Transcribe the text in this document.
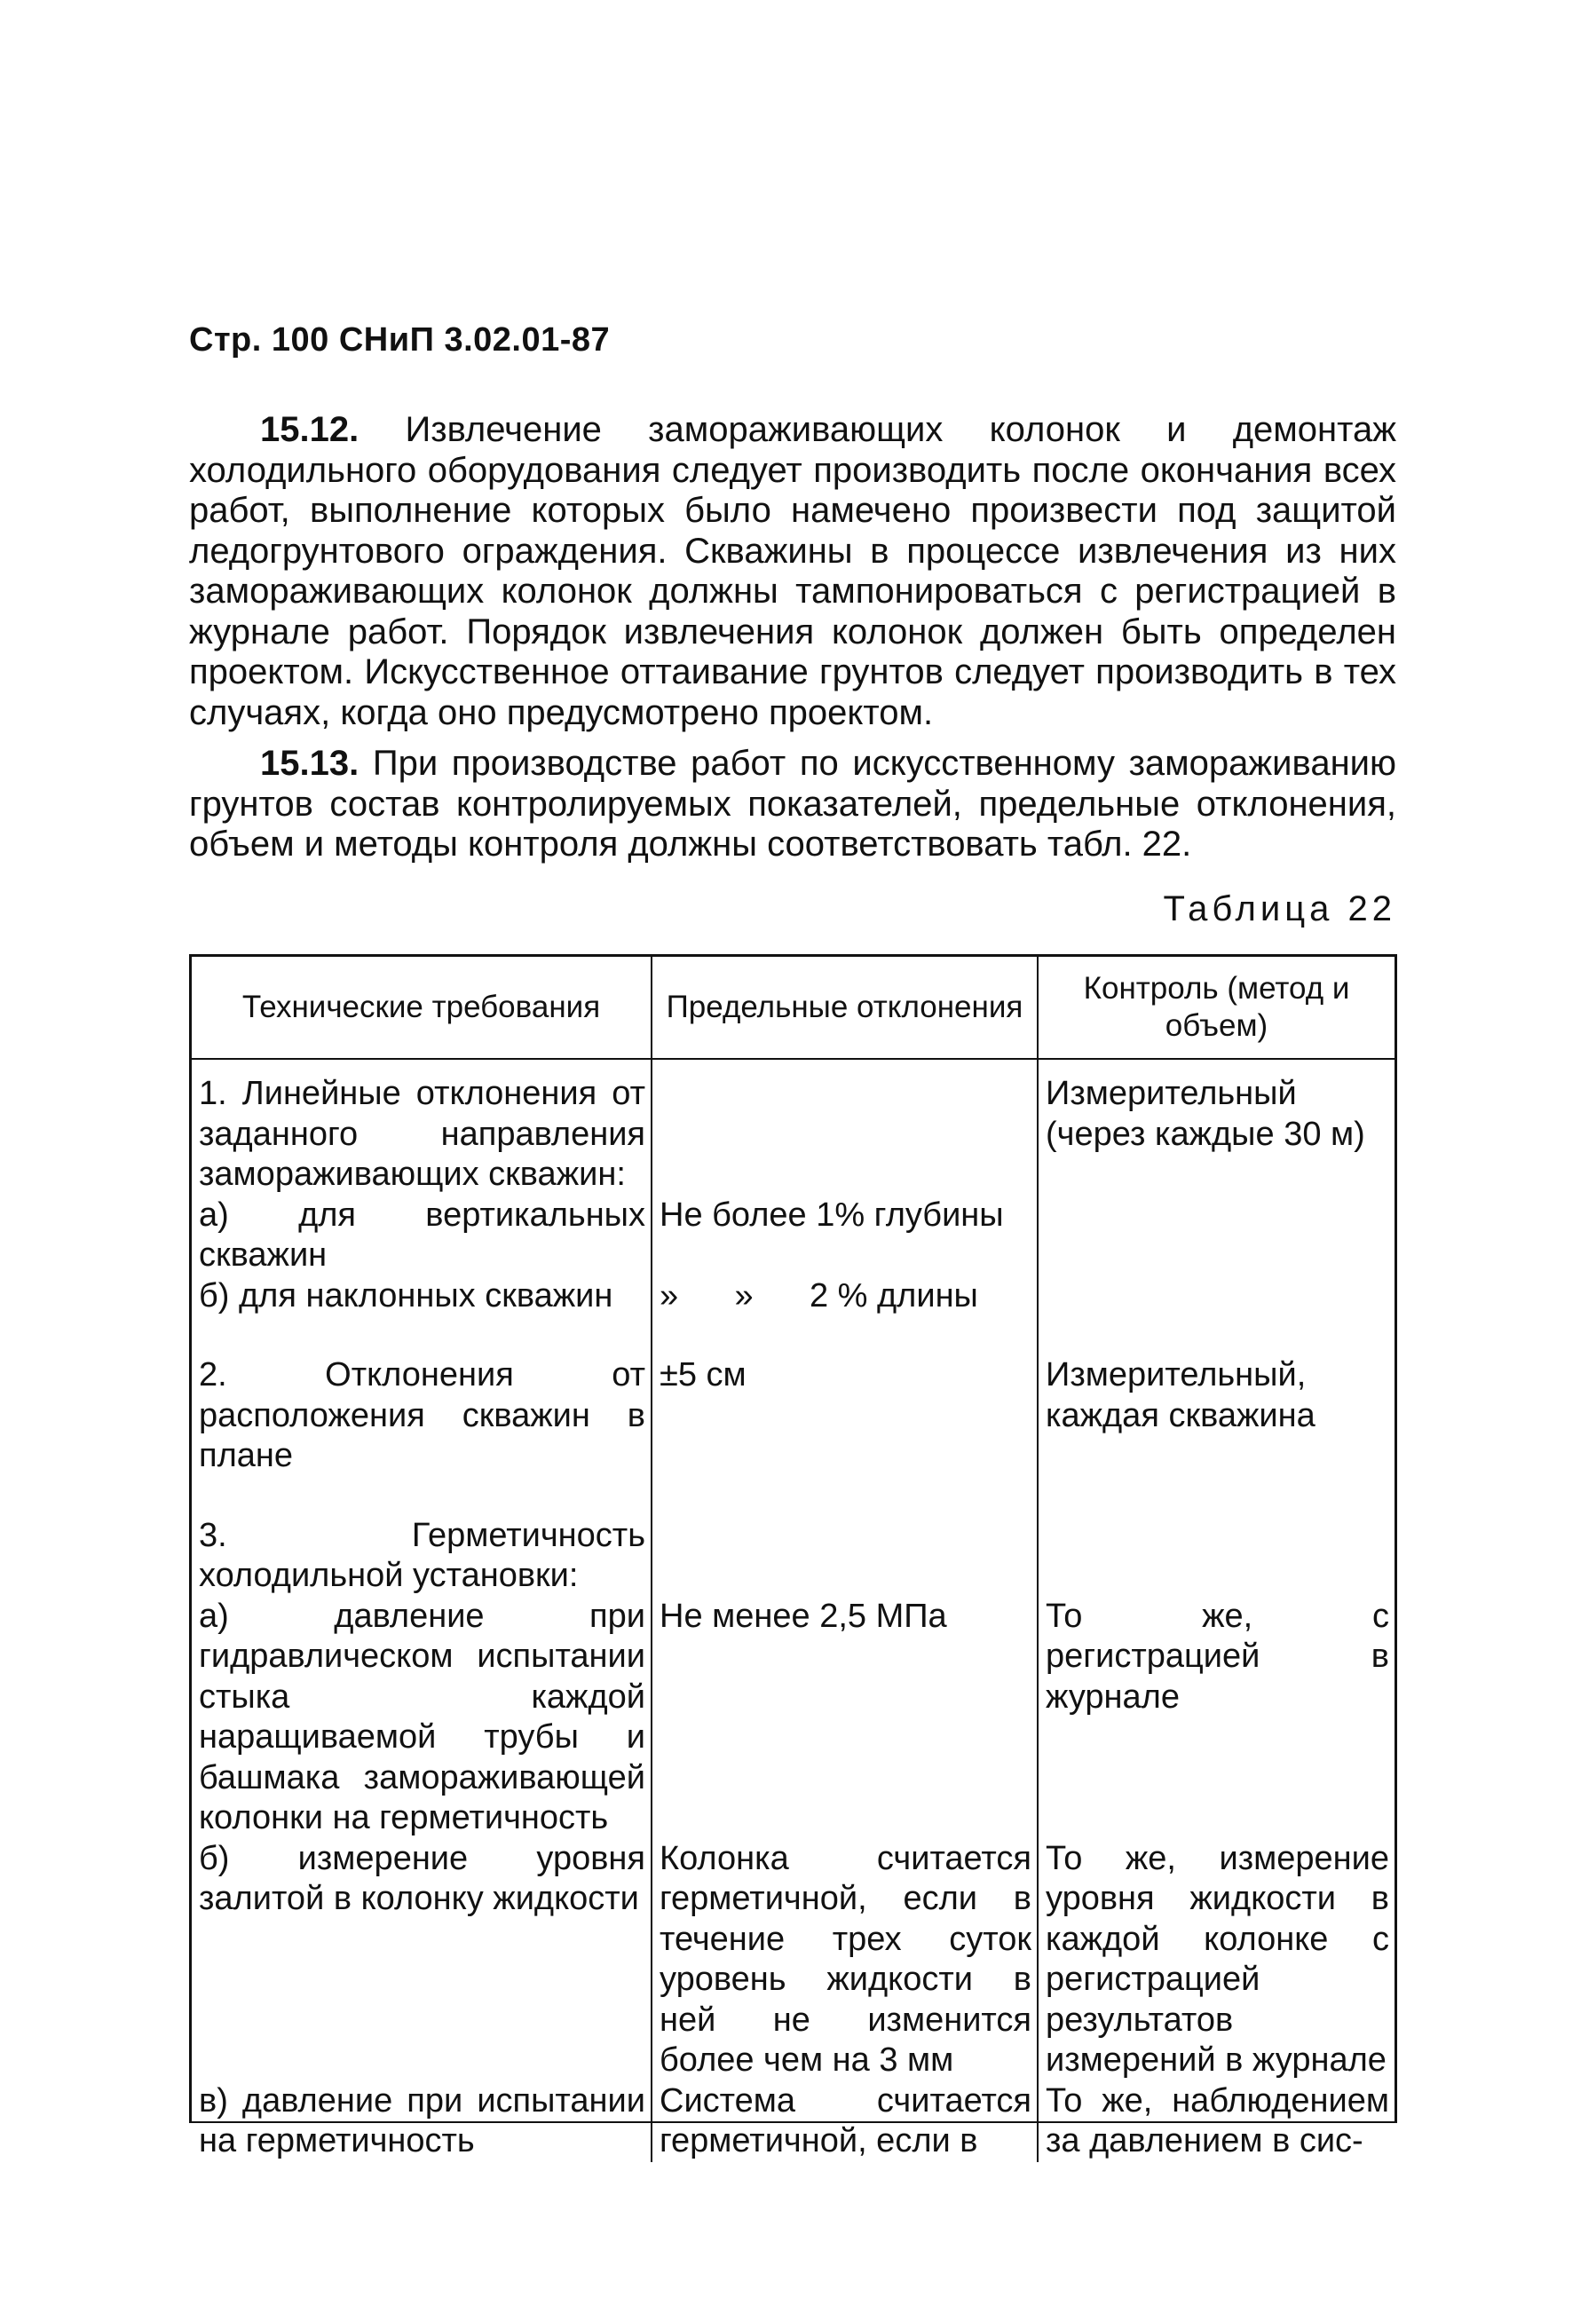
Стр. 100 СНиП 3.02.01-87

15.12. Извлечение замораживающих колонок и демонтаж холодильного оборудования следует производить после окончания всех работ, выполнение которых было намечено произвести под защитой ледогрунтового ограждения. Скважины в процессе извлечения из них замораживающих колонок должны тампонироваться с регистрацией в журнале работ. Порядок извлечения колонок должен быть определен проектом. Искусственное оттаивание грунтов следует производить в тех случаях, когда оно предусмотрено проектом.

15.13. При производстве работ по искусственному замораживанию грунтов состав контролируемых показателей, предельные отклонения, объем и методы контроля должны соответствовать табл. 22.

Таблица 22
Технические требования	Предельные отклонения	Контроль (метод и объем)
1. Линейные отклонения от заданного направления замораживающих скважин:		Измерительный (через каждые 30 м)
а) для вертикальных скважин	Не более 1% глубины	
б) для наклонных скважин	»      »      2 % длины	
2. Отклонения от расположения скважин в плане	±5 см	Измерительный, каждая скважина
3. Герметичность холодильной установки:		
а) давление при гидравлическом испытании стыка каждой наращиваемой трубы и башмака замораживающей колонки на герметичность	Не менее 2,5 МПа	То же, с регистрацией в журнале
б) измерение уровня залитой в колонку жидкости	Колонка считается герметичной, если в течение трех суток уровень жидкости в ней не изменится более чем на 3 мм	То же, измерение уровня жидкости в каждой колонке с регистрацией результатов измерений в журнале
в) давление при испытании на герметичность	Система считается герметичной, если в	То же, наблюдением за давлением в сис-
